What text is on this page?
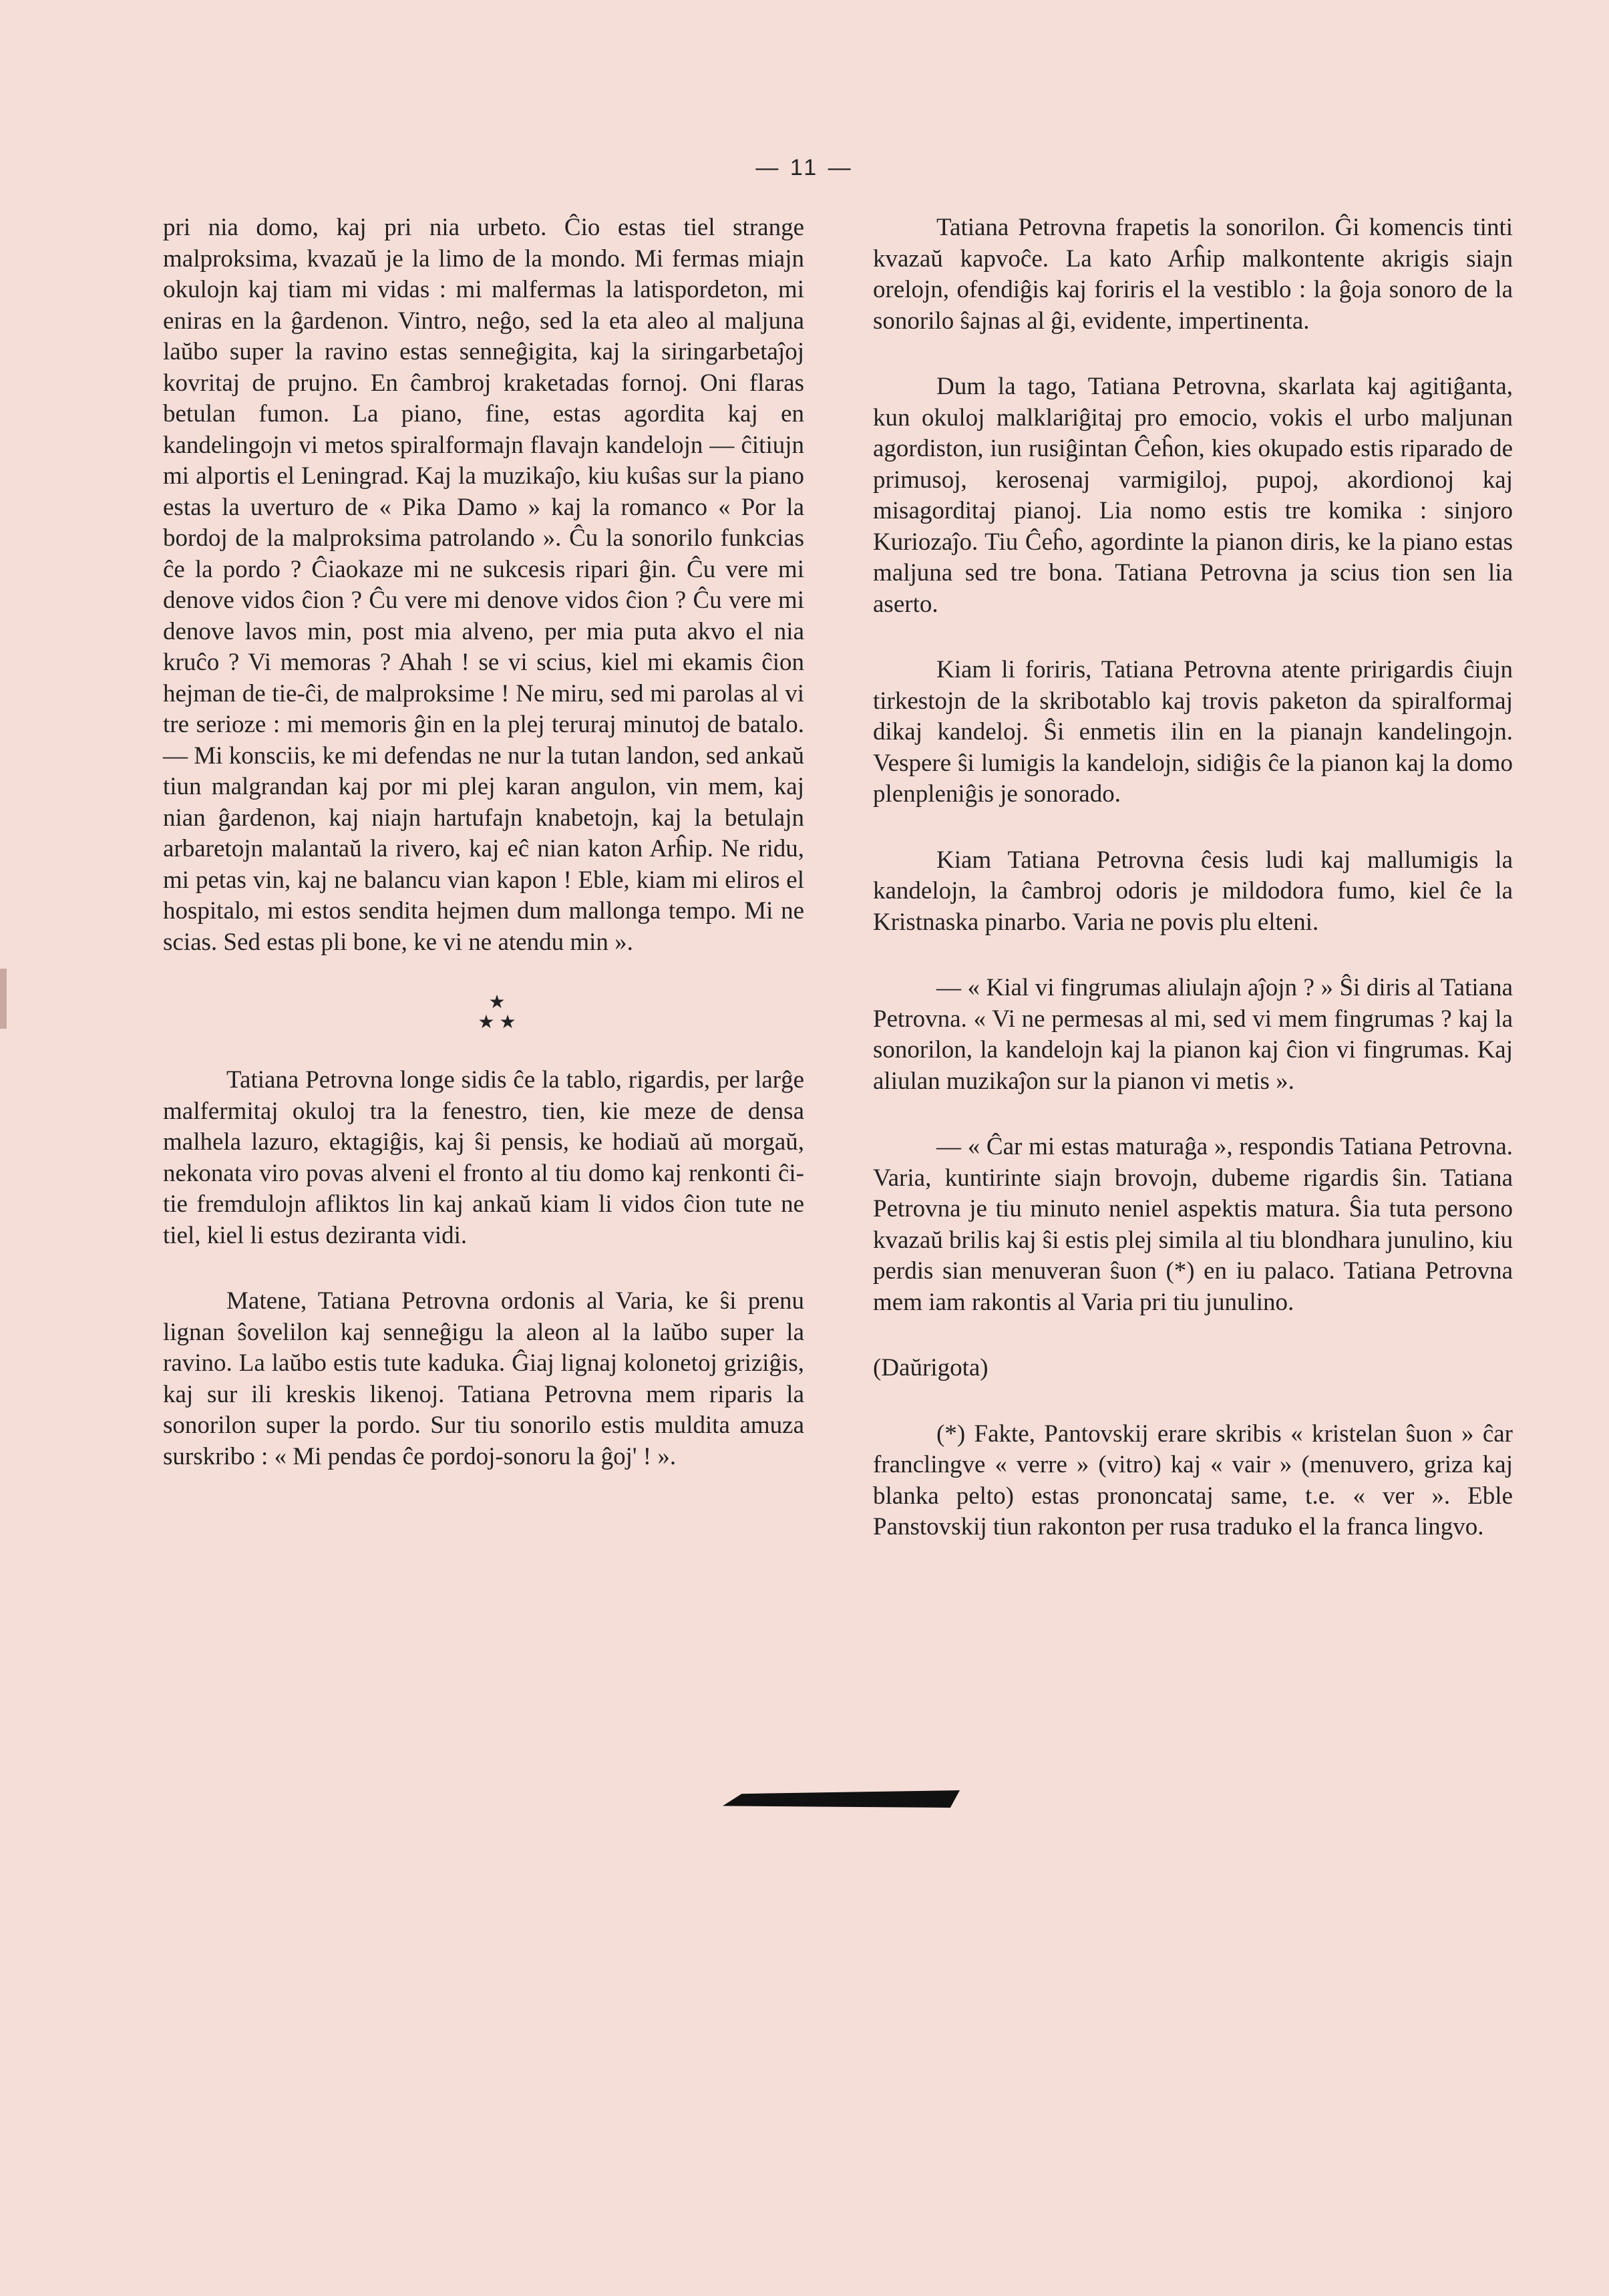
— 11 —

pri nia domo, kaj pri nia urbeto. Ĉio estas tiel strange malproksima, kvazaŭ je la limo de la mondo. Mi fermas miajn okulojn kaj tiam mi vidas : mi malfermas la latispordeton, mi eniras en la ĝardenon. Vintro, neĝo, sed la eta aleo al maljuna laŭbo super la ravino estas senneĝigita, kaj la siringarbetaĵoj kovritaj de prujno. En ĉambroj kraketadas fornoj. Oni flaras betulan fumon. La piano, fine, estas agordita kaj en kandelingojn vi metos spiralformajn flavajn kandelojn — ĉitiujn mi alportis el Leningrad. Kaj la muzikaĵo, kiu kuŝas sur la piano estas la uverturo de « Pika Damo » kaj la romanco « Por la bordoj de la malproksima patrolando ». Ĉu la sonorilo funkcias ĉe la pordo ? Ĉiaokaze mi ne sukcesis ripari ĝin. Ĉu vere mi denove vidos ĉion ? Ĉu vere mi denove vidos ĉion ? Ĉu vere mi denove lavos min, post mia alveno, per mia puta akvo el nia kruĉo ? Vi memoras ? Ahah ! se vi scius, kiel mi ekamis ĉion hejman de tie-ĉi, de malproksime ! Ne miru, sed mi parolas al vi tre serioze : mi memoris ĝin en la plej teruraj minutoj de batalo. — Mi konsciis, ke mi defendas ne nur la tutan landon, sed ankaŭ tiun malgrandan kaj por mi plej karan angulon, vin mem, kaj nian ĝardenon, kaj niajn hartufajn knabetojn, kaj la betulajn arbaretojn malantaŭ la rivero, kaj eĉ nian katon Arĥip. Ne ridu, mi petas vin, kaj ne balancu vian kapon ! Eble, kiam mi eliros el hospitalo, mi estos sendita hejmen dum mallonga tempo. Mi ne scias. Sed estas pli bone, ke vi ne atendu min ».

★
★ ★

Tatiana Petrovna longe sidis ĉe la tablo, rigardis, per larĝe malfermitaj okuloj tra la fenestro, tien, kie meze de densa malhela lazuro, ektagiĝis, kaj ŝi pensis, ke hodiaŭ aŭ morgaŭ, nekonata viro povas alveni el fronto al tiu domo kaj renkonti ĉi-tie fremdulojn afliktos lin kaj ankaŭ kiam li vidos ĉion tute ne tiel, kiel li estus deziranta vidi.

Matene, Tatiana Petrovna ordonis al Varia, ke ŝi prenu lignan ŝovelilon kaj senneĝigu la aleon al la laŭbo super la ravino. La laŭbo estis tute kaduka. Ĝiaj lignaj kolonetoj griziĝis, kaj sur ili kreskis likenoj. Tatiana Petrovna mem riparis la sonorilon super la pordo. Sur tiu sonorilo estis muldita amuza surskribo : « Mi pendas ĉe pordoj-sonoru la ĝoj' ! ».

Tatiana Petrovna frapetis la sonorilon. Ĝi komencis tinti kvazaŭ kapvoĉe. La kato Arĥip malkontente akrigis siajn orelojn, ofendiĝis kaj foriris el la vestiblo : la ĝoja sonoro de la sonorilo ŝajnas al ĝi, evidente, impertinenta.

Dum la tago, Tatiana Petrovna, skarlata kaj agitiĝanta, kun okuloj malklariĝitaj pro emocio, vokis el urbo maljunan agordiston, iun rusiĝintan Ĉeĥon, kies okupado estis riparado de primusoj, kerosenaj varmigiloj, pupoj, akordionoj kaj misagorditaj pianoj. Lia nomo estis tre komika : sinjoro Kuriozaĵo. Tiu Ĉeĥo, agordinte la pianon diris, ke la piano estas maljuna sed tre bona. Tatiana Petrovna ja scius tion sen lia aserto.

Kiam li foriris, Tatiana Petrovna atente pririgardis ĉiujn tirkestojn de la skribotablo kaj trovis paketon da spiralformaj dikaj kandeloj. Ŝi enmetis ilin en la pianajn kandelingojn. Vespere ŝi lumigis la kandelojn, sidiĝis ĉe la pianon kaj la domo plenpleniĝis je sonorado.

Kiam Tatiana Petrovna ĉesis ludi kaj mallumigis la kandelojn, la ĉambroj odoris je mildodora fumo, kiel ĉe la Kristnaska pinarbo. Varia ne povis plu elteni.

— « Kial vi fingrumas aliulajn aĵojn ? » Ŝi diris al Tatiana Petrovna. « Vi ne permesas al mi, sed vi mem fingrumas ? kaj la sonorilon, la kandelojn kaj la pianon kaj ĉion vi fingrumas. Kaj aliulan muzikaĵon sur la pianon vi metis ».

— « Ĉar mi estas maturaĝa », respondis Tatiana Petrovna. Varia, kuntirinte siajn brovojn, dubeme rigardis ŝin. Tatiana Petrovna je tiu minuto neniel aspektis matura. Ŝia tuta persono kvazaŭ brilis kaj ŝi estis plej simila al tiu blondhara junulino, kiu perdis sian menuveran ŝuon (*) en iu palaco. Tatiana Petrovna mem iam rakontis al Varia pri tiu junulino.

(Daŭrigota)

(*) Fakte, Pantovskij erare skribis « kristelan ŝuon » ĉar franclingve « verre » (vitro) kaj « vair » (menuvero, griza kaj blanka pelto) estas prononcataj same, t.e. « ver ». Eble Panstovskij tiun rakonton per rusa traduko el la franca lingvo.
